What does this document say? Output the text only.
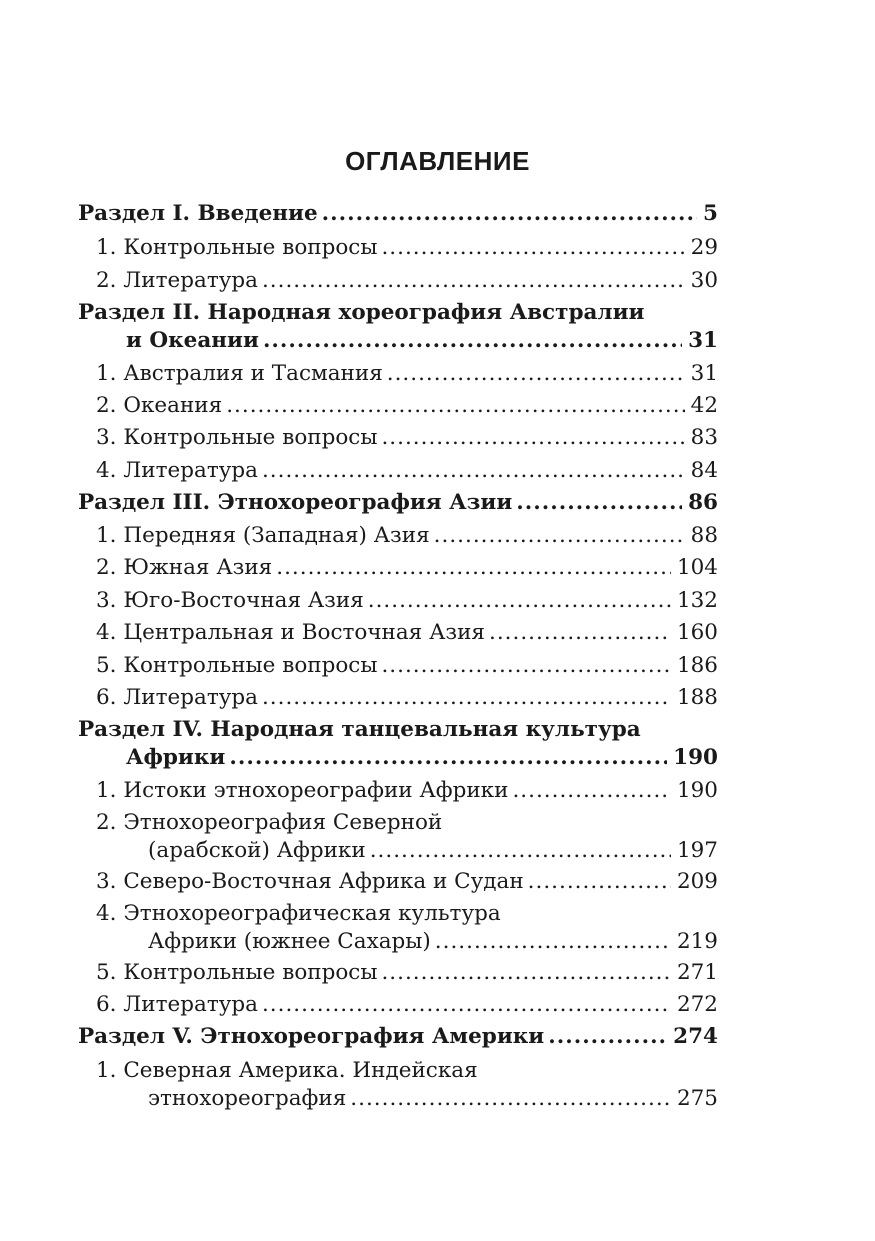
ОГЛАВЛЕНИЕ
Раздел I. Введение .....	5
1. Контрольные вопросы .....	29
2. Литература .....	30
Раздел II. Народная хореография Австралии
и Океании .....	31
1. Австралия и Тасмания .....	31
2. Океания .....	42
3. Контрольные вопросы .....	83
4. Литература .....	84
Раздел III. Этнохореография Азии .....	86
1. Передняя (Западная) Азия .....	88
2. Южная Азия .....	104
3. Юго-Восточная Азия .....	132
4. Центральная и Восточная Азия .....	160
5. Контрольные вопросы .....	186
6. Литература .....	188
Раздел IV. Народная танцевальная культура
Африки .....	190
1. Истоки этнохореографии Африки .....	190
2. Этнохореография Северной
(арабской) Африки .....	197
3. Северо-Восточная Африка и Судан .....	209
4. Этнохореографическая культура
Африки (южнее Сахары) .....	219
5. Контрольные вопросы .....	271
6. Литература .....	272
Раздел V. Этнохореография Америки .....	274
1. Северная Америка. Индейская
этнохореография .....	275
